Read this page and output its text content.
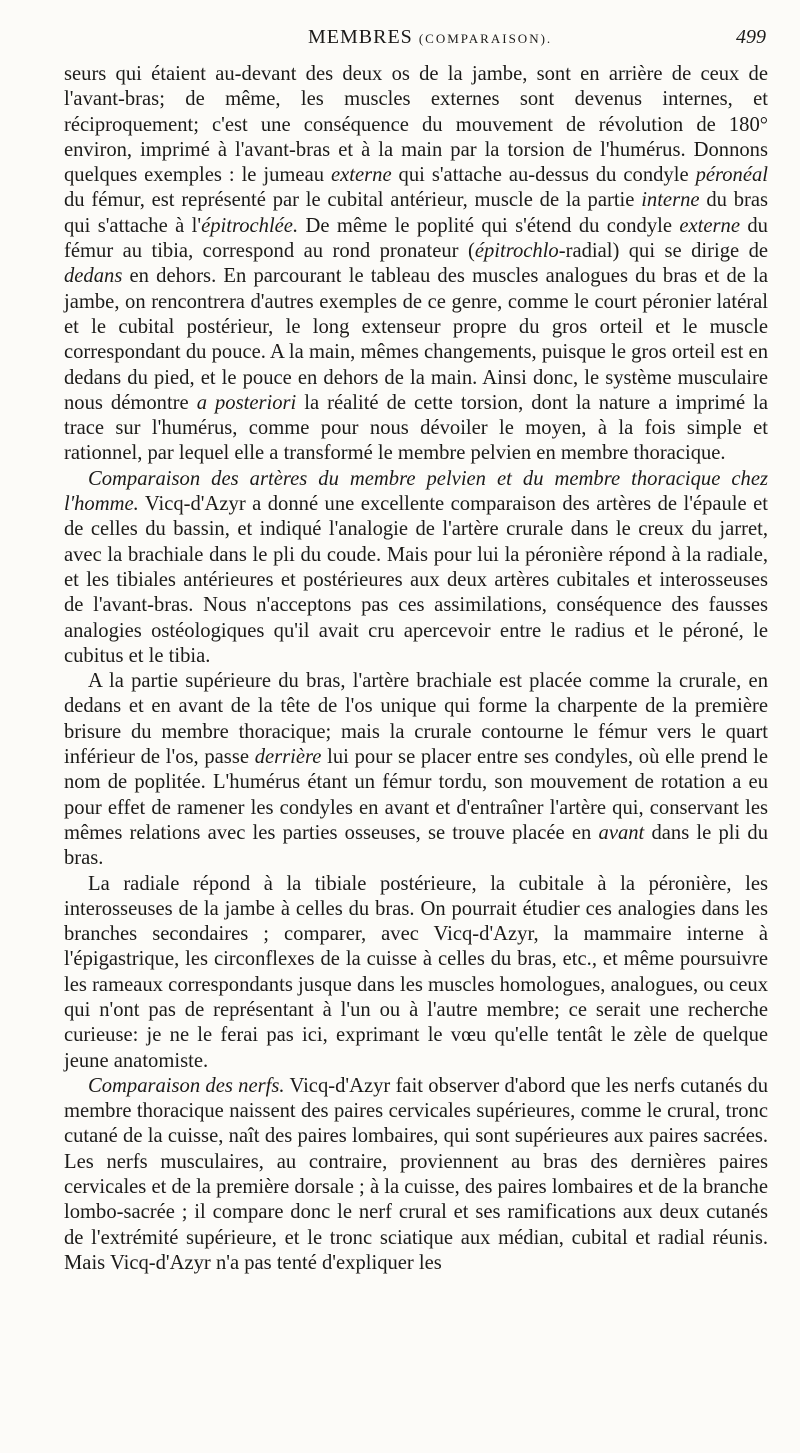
MEMBRES (COMPARAISON).	499

seurs qui étaient au-devant des deux os de la jambe, sont en arrière de ceux de l'avant-bras; de même, les muscles externes sont devenus internes, et réciproquement; c'est une conséquence du mouvement de révolution de 180° environ, imprimé à l'avant-bras et à la main par la torsion de l'humérus. Donnons quelques exemples : le jumeau externe qui s'attache au-dessus du condyle péronéal du fémur, est représenté par le cubital antérieur, muscle de la partie interne du bras qui s'attache à l'épitrochlée. De même le poplité qui s'étend du condyle externe du fémur au tibia, correspond au rond pronateur (épitrochlo-radial) qui se dirige de dedans en dehors. En parcourant le tableau des muscles analogues du bras et de la jambe, on rencontrera d'autres exemples de ce genre, comme le court péronier latéral et le cubital postérieur, le long extenseur propre du gros orteil et le muscle correspondant du pouce. A la main, mêmes changements, puisque le gros orteil est en dedans du pied, et le pouce en dehors de la main. Ainsi donc, le système musculaire nous démontre a posteriori la réalité de cette torsion, dont la nature a imprimé la trace sur l'humérus, comme pour nous dévoiler le moyen, à la fois simple et rationnel, par lequel elle a transformé le membre pelvien en membre thoracique.

Comparaison des artères du membre pelvien et du membre thoracique chez l'homme. Vicq-d'Azyr a donné une excellente comparaison des artères de l'épaule et de celles du bassin, et indiqué l'analogie de l'artère crurale dans le creux du jarret, avec la brachiale dans le pli du coude. Mais pour lui la péronière répond à la radiale, et les tibiales antérieures et postérieures aux deux artères cubitales et interosseuses de l'avant-bras. Nous n'acceptons pas ces assimilations, conséquence des fausses analogies ostéologiques qu'il avait cru apercevoir entre le radius et le péroné, le cubitus et le tibia.

A la partie supérieure du bras, l'artère brachiale est placée comme la crurale, en dedans et en avant de la tête de l'os unique qui forme la charpente de la première brisure du membre thoracique; mais la crurale contourne le fémur vers le quart inférieur de l'os, passe derrière lui pour se placer entre ses condyles, où elle prend le nom de poplitée. L'humérus étant un fémur tordu, son mouvement de rotation a eu pour effet de ramener les condyles en avant et d'entraîner l'artère qui, conservant les mêmes relations avec les parties osseuses, se trouve placée en avant dans le pli du bras.

La radiale répond à la tibiale postérieure, la cubitale à la péronière, les interosseuses de la jambe à celles du bras. On pourrait étudier ces analogies dans les branches secondaires ; comparer, avec Vicq-d'Azyr, la mammaire interne à l'épigastrique, les circonflexes de la cuisse à celles du bras, etc., et même poursuivre les rameaux correspondants jusque dans les muscles homologues, analogues, ou ceux qui n'ont pas de représentant à l'un ou à l'autre membre; ce serait une recherche curieuse: je ne le ferai pas ici, exprimant le vœu qu'elle tentât le zèle de quelque jeune anatomiste.

Comparaison des nerfs. Vicq-d'Azyr fait observer d'abord que les nerfs cutanés du membre thoracique naissent des paires cervicales supérieures, comme le crural, tronc cutané de la cuisse, naît des paires lombaires, qui sont supérieures aux paires sacrées. Les nerfs musculaires, au contraire, proviennent au bras des dernières paires cervicales et de la première dorsale ; à la cuisse, des paires lombaires et de la branche lombo-sacrée ; il compare donc le nerf crural et ses ramifications aux deux cutanés de l'extrémité supérieure, et le tronc sciatique aux médian, cubital et radial réunis. Mais Vicq-d'Azyr n'a pas tenté d'expliquer les
